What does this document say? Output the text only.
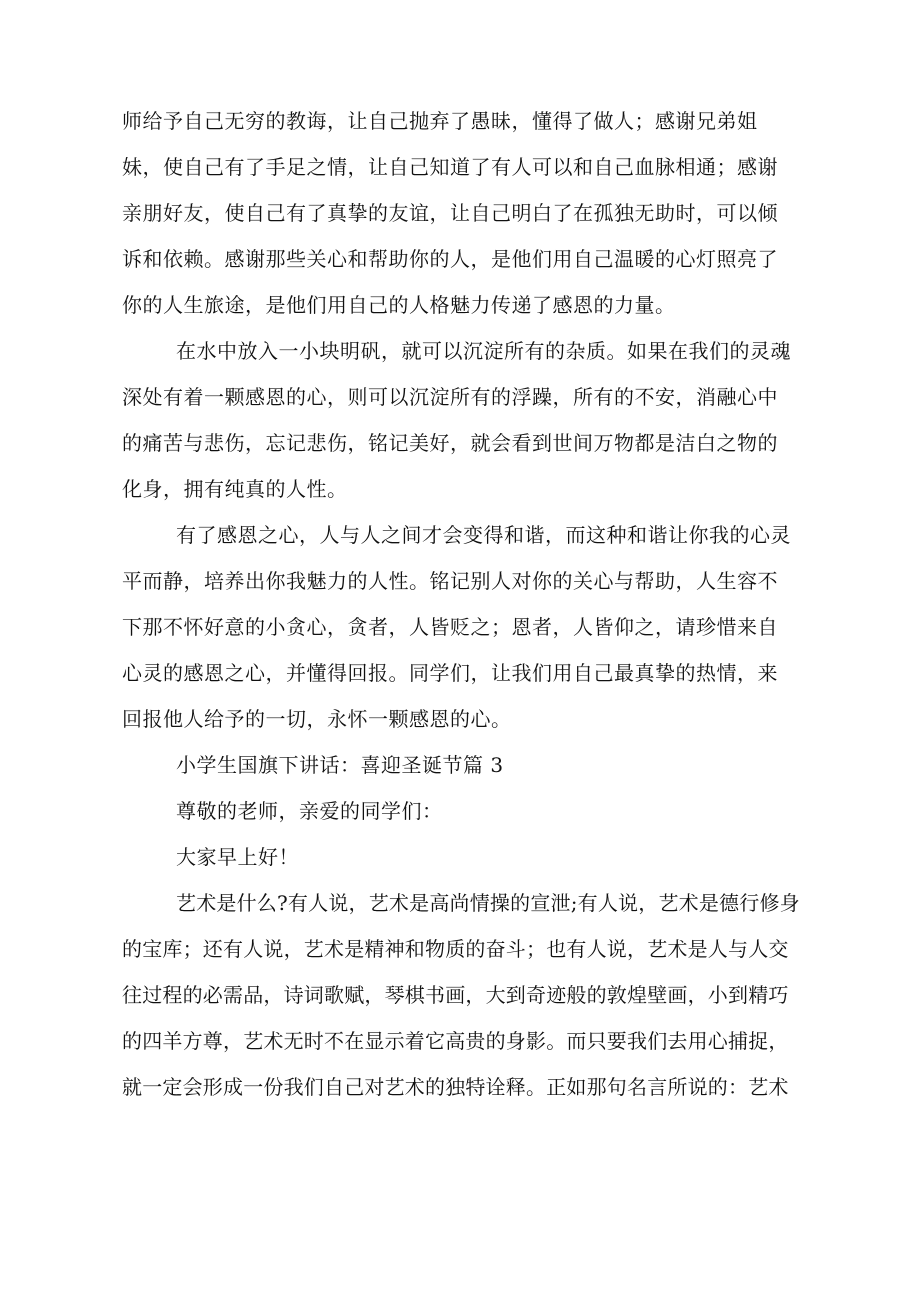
师给予自己无穷的教诲，让自己抛弃了愚昧，懂得了做人；感谢兄弟姐

妹，使自己有了手足之情，让自己知道了有人可以和自己血脉相通；感谢

亲朋好友，使自己有了真挚的友谊，让自己明白了在孤独无助时，可以倾

诉和依赖。感谢那些关心和帮助你的人，是他们用自己温暖的心灯照亮了

你的人生旅途，是他们用自己的人格魅力传递了感恩的力量。

在水中放入一小块明矾，就可以沉淀所有的杂质。如果在我们的灵魂

深处有着一颗感恩的心，则可以沉淀所有的浮躁，所有的不安，消融心中

的痛苦与悲伤，忘记悲伤，铭记美好，就会看到世间万物都是洁白之物的

化身，拥有纯真的人性。

有了感恩之心，人与人之间才会变得和谐，而这种和谐让你我的心灵

平而静，培养出你我魅力的人性。铭记别人对你的关心与帮助，人生容不

下那不怀好意的小贪心，贪者，人皆贬之；恩者，人皆仰之，请珍惜来自

心灵的感恩之心，并懂得回报。同学们，让我们用自己最真挚的热情，来

回报他人给予的一切，永怀一颗感恩的心。

小学生国旗下讲话：喜迎圣诞节篇 3

尊敬的老师，亲爱的同学们：

大家早上好！

艺术是什么?有人说，艺术是高尚情操的宣泄;有人说，艺术是德行修身

的宝库；还有人说，艺术是精神和物质的奋斗；也有人说，艺术是人与人交

往过程的必需品，诗词歌赋，琴棋书画，大到奇迹般的敦煌壁画，小到精巧

的四羊方尊，艺术无时不在显示着它高贵的身影。而只要我们去用心捕捉，

就一定会形成一份我们自己对艺术的独特诠释。正如那句名言所说的：艺术
